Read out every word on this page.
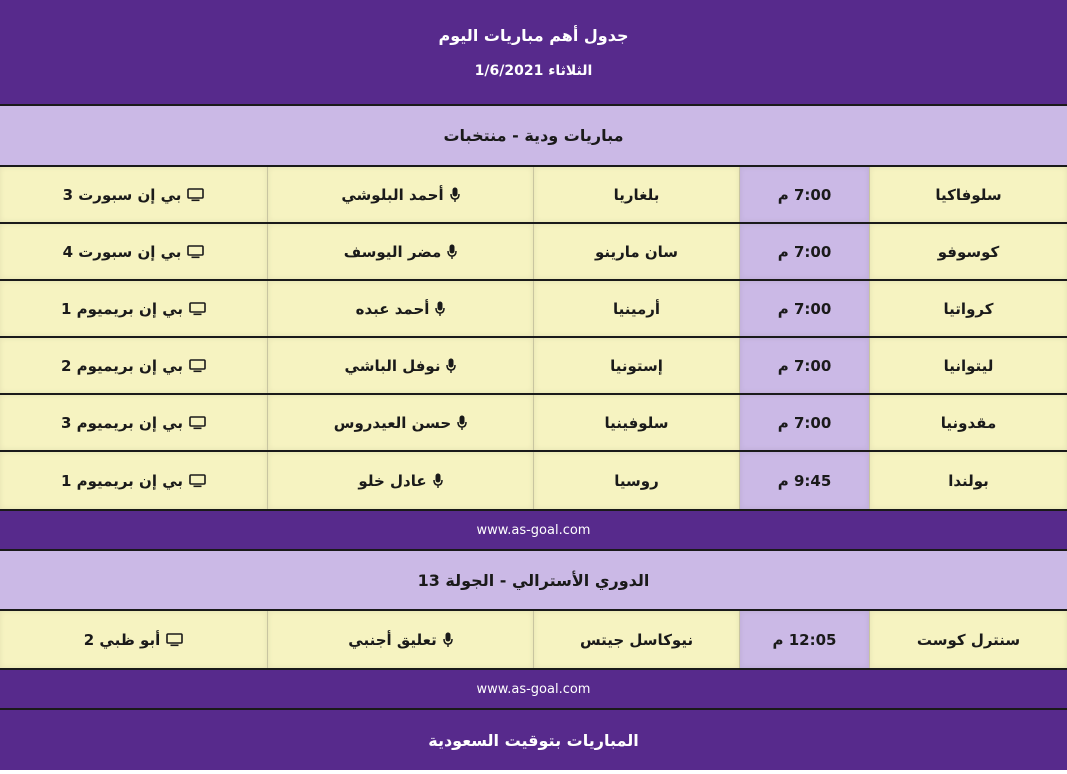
جدول أهم مباريات اليوم
الثلاثاء 1/6/2021
مباريات ودية - منتخبات
سلوفاكيا
7:00 م
بلغاريا
أحمد البلوشي
بي إن سبورت 3
كوسوفو
7:00 م
سان مارينو
مضر اليوسف
بي إن سبورت 4
كرواتيا
7:00 م
أرمينيا
أحمد عبده
بي إن بريميوم 1
ليتوانيا
7:00 م
إستونيا
نوفل الباشي
بي إن بريميوم 2
مقدونيا
7:00 م
سلوفينيا
حسن العيدروس
بي إن بريميوم 3
بولندا
9:45 م
روسيا
عادل خلو
بي إن بريميوم 1
www.as-goal.com
الدوري الأسترالي - الجولة 13
سنترل كوست
12:05 م
نيوكاسل جيتس
تعليق أجنبي
أبو ظبي 2
www.as-goal.com
المباريات بتوقيت السعودية
